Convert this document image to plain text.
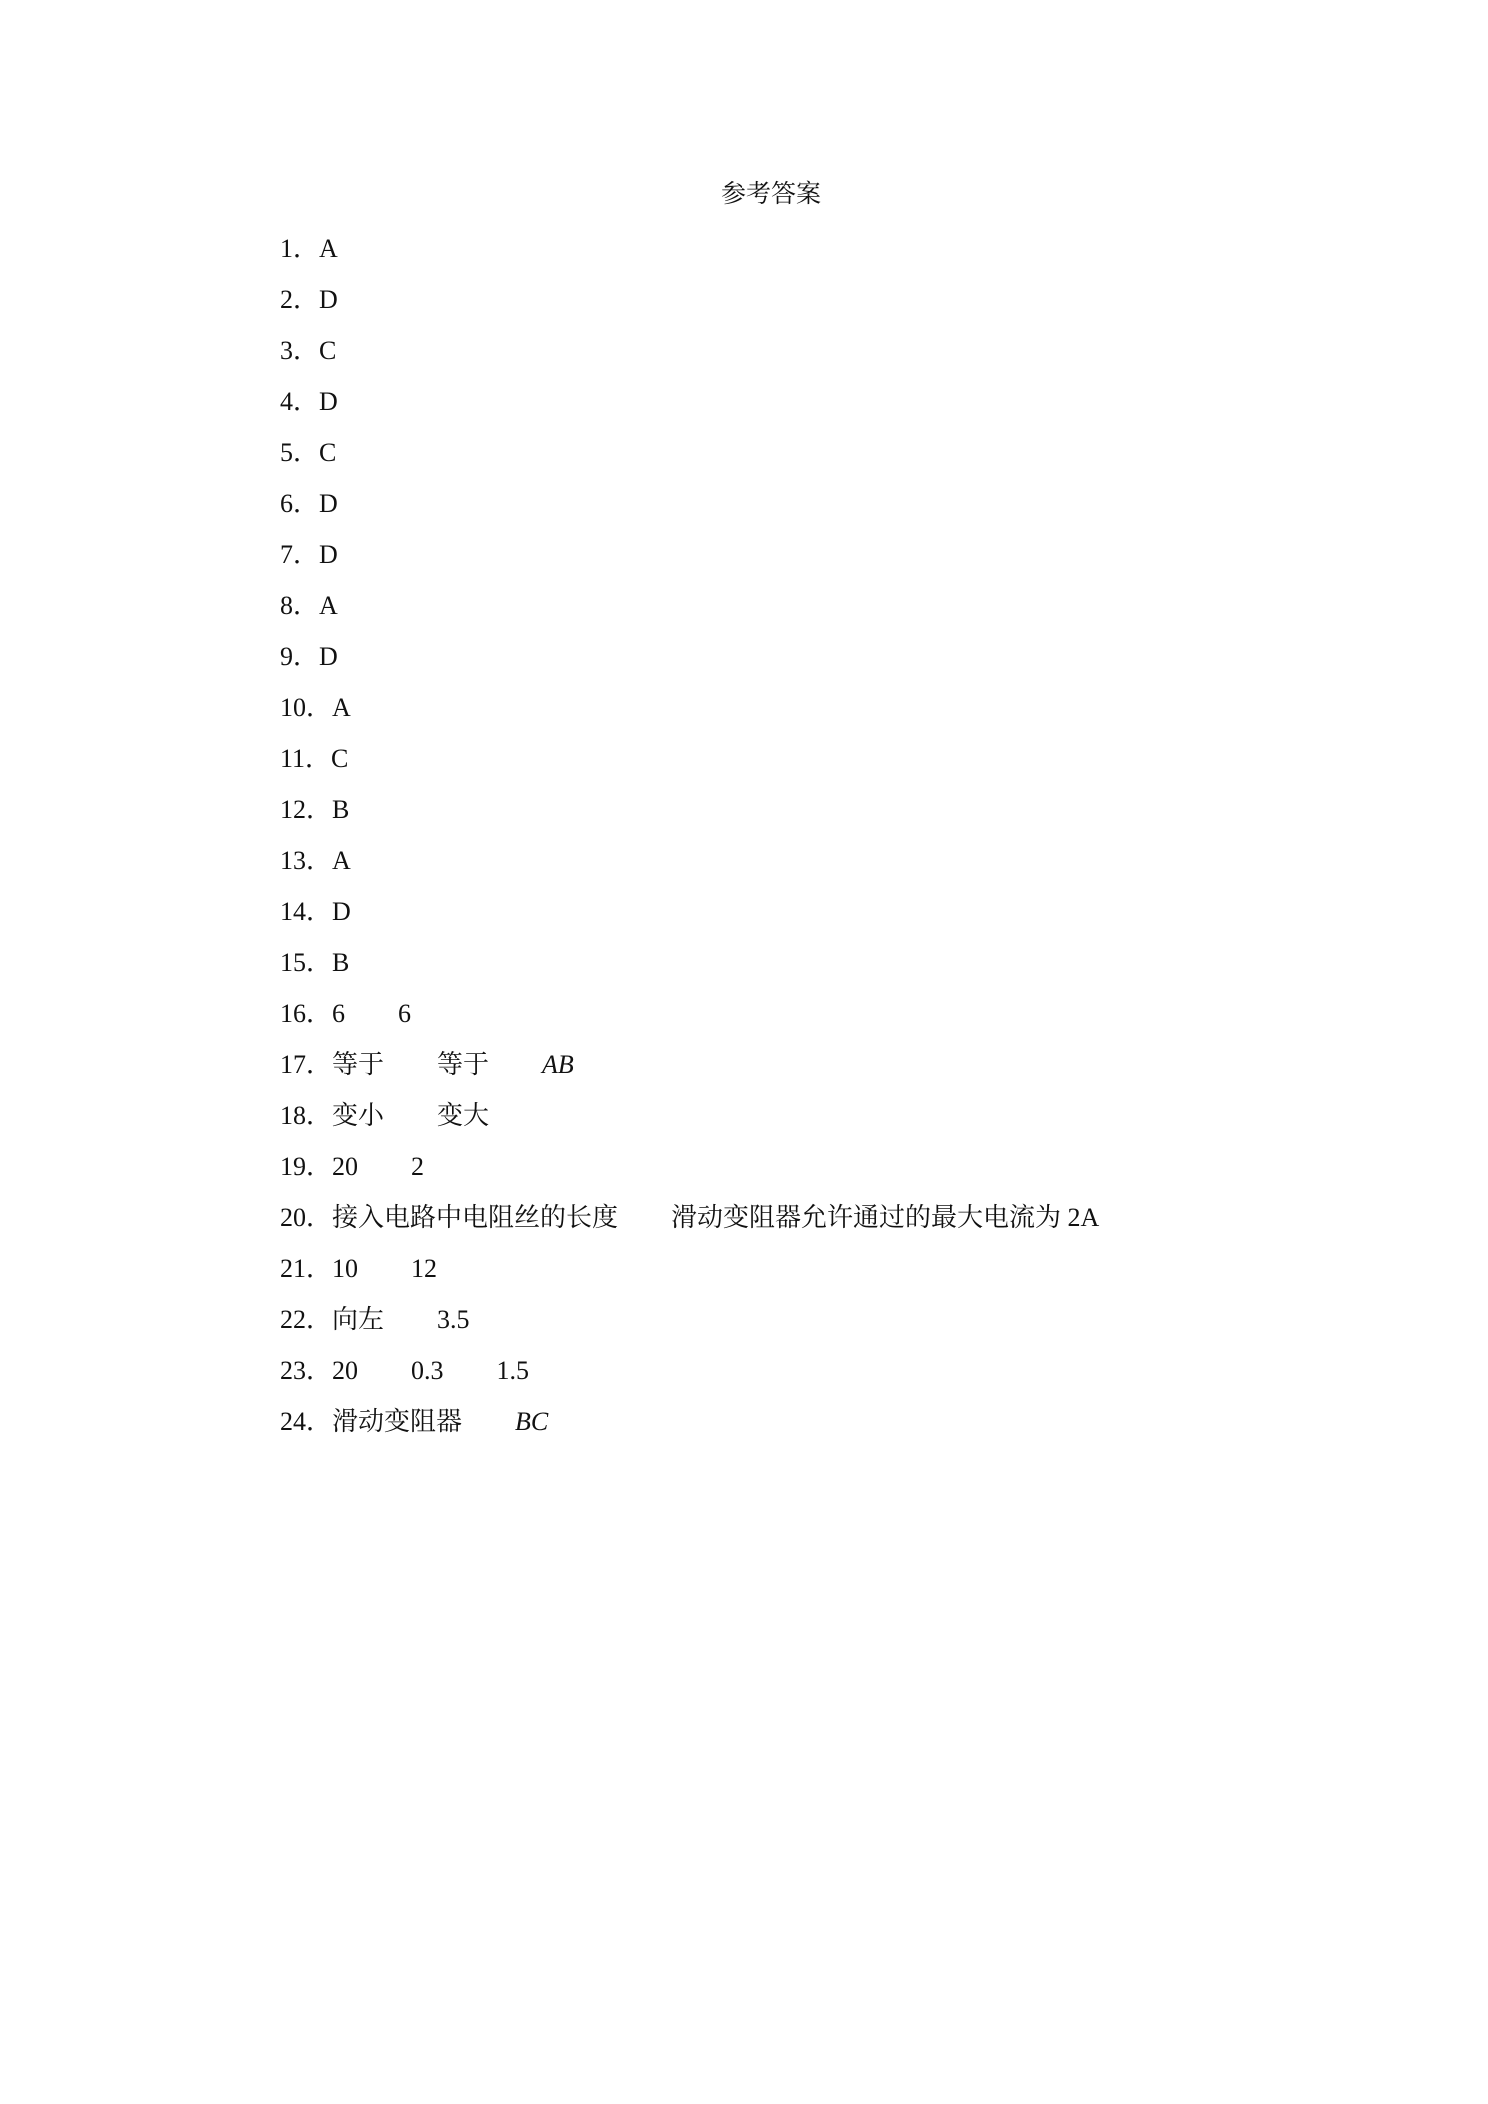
参考答案
1 ． A
2 ． D
3 ． C
4 ． D
5 ． C
6 ． D
7 ． D
8 ． A
9 ． D
10 ． A
11 ． C
12 ． B
13 ． A
14 ． D
15 ． B
16 ． 6 6
17 ． 等于 等于 AB
18 ． 变小 变大
19 ． 20 2
20 ． 接入电路中电阻丝的长度 滑动变阻器允许通过的最大电流为 2A
21 ． 10 12
22 ． 向左 3.5
23 ． 20 0.3 1.5
24 ． 滑动变阻器 BC
